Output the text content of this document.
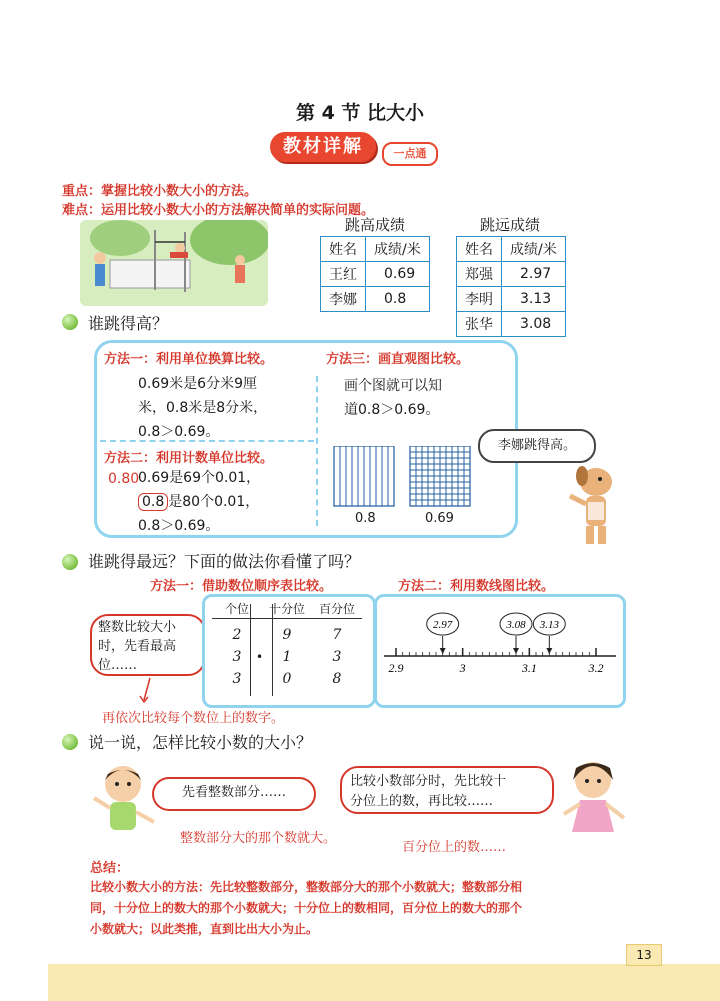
第 4 节 比大小
教材详解	一点通
重点：掌握比较小数大小的方法。
难点：运用比较小数大小的方法解决简单的实际问题。
跳高成绩
姓名	成绩/米
王红	0.69
李娜	0.8
跳远成绩
姓名	成绩/米
郑强	2.97
李明	3.13
张华	3.08
谁跳得高？
方法一：利用单位换算比较。
0.69米是6分米9厘
米，0.8米是8分米，
0.8＞0.69。
方法二：利用计数单位比较。
0.80
0.69是69个0.01，
0.8 是80个0.01，
0.8＞0.69。
方法三：画直观图比较。
画个图就可以知
道0.8＞0.69。
0.8	0.69
李娜跳得高。
谁跳得最远？下面的做法你看懂了吗？
方法一：借助数位顺序表比较。	方法二：利用数线图比较。
整数比较大小
时，先看最高
位……
再依次比较每个数位上的数字。
个位	十分位	百分位
2	9	7
3	1	3
3	0	8
•
2.9	3	3.1	3.2
2.97	3.08 3.13
说一说，怎样比较小数的大小？
先看整数部分……
整数部分大的那个数就大。
比较小数部分时，先比较十
分位上的数，再比较……
百分位上的数……
总结：
比较小数大小的方法：先比较整数部分，整数部分大的那个小数就大；整数部分相
同，十分位上的数大的那个小数就大；十分位上的数相同，百分位上的数大的那个
小数就大；以此类推，直到比出大小为止。
13
